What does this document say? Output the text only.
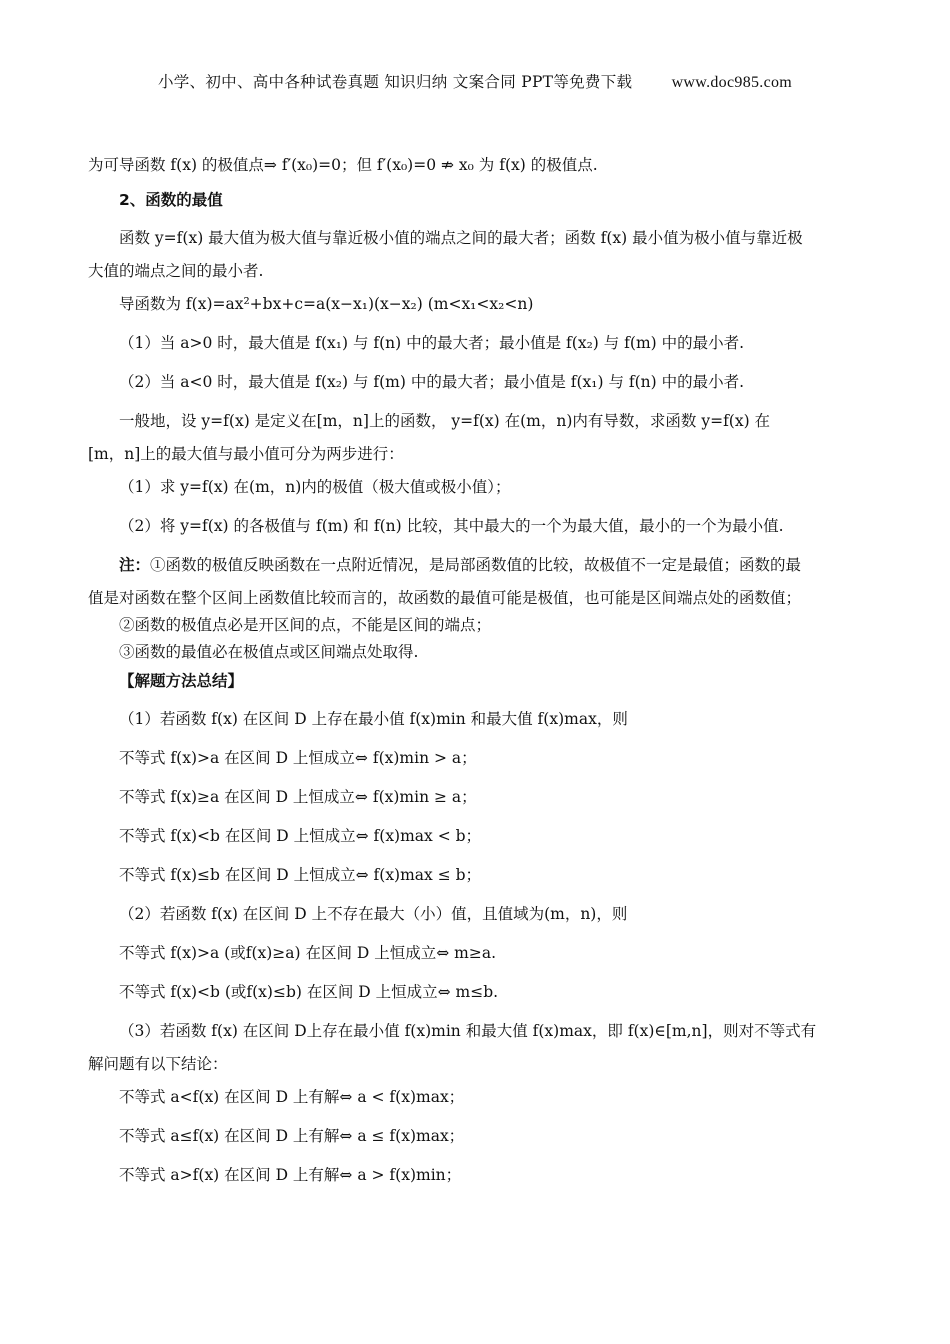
小学、初中、高中各种试卷真题 知识归纳 文案合同 PPT等免费下载 www.doc985.com
为可导函数 f(x) 的极值点⇒ f′(x₀)=0；但 f′(x₀)=0 ⇏ x₀ 为 f(x) 的极值点.
2、函数的最值
函数 y=f(x) 最大值为极大值与靠近极小值的端点之间的最大者；函数 f(x) 最小值为极小值与靠近极
大值的端点之间的最小者.
导函数为 f(x)=ax²+bx+c=a(x−x₁)(x−x₂) (m<x₁<x₂<n)
（1）当 a>0 时，最大值是 f(x₁) 与 f(n) 中的最大者；最小值是 f(x₂) 与 f(m) 中的最小者.
（2）当 a<0 时，最大值是 f(x₂) 与 f(m) 中的最大者；最小值是 f(x₁) 与 f(n) 中的最小者.
一般地，设 y=f(x) 是定义在[m，n]上的函数， y=f(x) 在(m，n)内有导数，求函数 y=f(x) 在
[m，n]上的最大值与最小值可分为两步进行：
（1）求 y=f(x) 在(m，n)内的极值（极大值或极小值）；
（2）将 y=f(x) 的各极值与 f(m) 和 f(n) 比较，其中最大的一个为最大值，最小的一个为最小值.
注：①函数的极值反映函数在一点附近情况，是局部函数值的比较，故极值不一定是最值；函数的最
值是对函数在整个区间上函数值比较而言的，故函数的最值可能是极值，也可能是区间端点处的函数值；
②函数的极值点必是开区间的点，不能是区间的端点；
③函数的最值必在极值点或区间端点处取得.
【解题方法总结】
（1）若函数 f(x) 在区间 D 上存在最小值 f(x)min 和最大值 f(x)max，则
不等式 f(x)>a 在区间 D 上恒成立⇔ f(x)min > a；
不等式 f(x)≥a 在区间 D 上恒成立⇔ f(x)min ≥ a；
不等式 f(x)<b 在区间 D 上恒成立⇔ f(x)max < b；
不等式 f(x)≤b 在区间 D 上恒成立⇔ f(x)max ≤ b；
（2）若函数 f(x) 在区间 D 上不存在最大（小）值，且值域为(m，n)，则
不等式 f(x)>a (或f(x)≥a) 在区间 D 上恒成立⇔ m≥a.
不等式 f(x)<b (或f(x)≤b) 在区间 D 上恒成立⇔ m≤b.
（3）若函数 f(x) 在区间 D上存在最小值 f(x)min 和最大值 f(x)max，即 f(x)∈[m,n]，则对不等式有
解问题有以下结论：
不等式 a<f(x) 在区间 D 上有解⇔ a < f(x)max；
不等式 a≤f(x) 在区间 D 上有解⇔ a ≤ f(x)max；
不等式 a>f(x) 在区间 D 上有解⇔ a > f(x)min；
